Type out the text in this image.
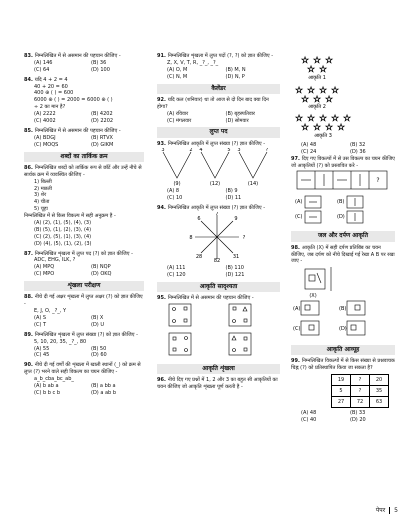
83. निम्नलिखित में से असमान की पहचान कीजिए -
(A) 146	(B) 36
(C) 64	(D) 100
84. यदि 4 + 2 = 4
40 + 20 = 60
400 ⊕ ( ) = 600
6000 ⊕ ( ) = 2000 = 6000 ⊕ ( )
÷ 2 का मान है?
(A) 2222	(B) 4202
(C) 4002	(D) 2202
85. निम्नलिखित में से असमान की पहचान कीजिए -
(A) BDGJ	(B) RTVX
(C) MOQS	(D) GIKM
शब्दों का तार्किक क्रम
86. निम्नलिखित शब्दों को तार्किक रूप से छाँटें और उन्हें नीचे से सार्थक क्रम में व्यवस्थित कीजिए -
1) बिल्ली
2) मछली
3) शेर
4) चीता
5) चूहा
निम्नलिखित में से किस विकल्प में सही अनुक्रम है -
(A) (2), (1), (5), (4), (3)
(B) (5), (1), (2), (3), (4)
(C) (2), (5), (1), (3), (4)
(D) (4), (5), (1), (2), (3)
87. निम्नलिखित शृंखला में लुप्त पद (?) को ज्ञात कीजिए -
ADC, EHG, ILK, ?
(A) MPQ	(B) NQP
(C) MPO	(D) OKQ
शृंखला परीक्षण
88. नीचे दी गई अक्षर शृंखला में लुप्त अक्षर (?) को ज्ञात कीजिए -
E, J, O, _?_, Y
(A) S	(B) X
(C) T	(D) U
89. निम्नलिखित शृंखला में लुप्त संख्या (?) को ज्ञात कीजिए -
5, 10, 20, 35, _?_, 80
(A) 55	(B) 50
(C) 45	(D) 60
90. नीचे दी गई वर्णों की शृंखला में खाली स्थानों (_) को क्रम से लुप्त (?) भरने वाले सही विकल्प का चयन कीजिए -
a_b_cba_bc_ab_
(A) b ab a	(B) a bb a
(C) b b c b	(D) a ab b
91. निम्नलिखित शृंखला में लुप्त पदों (?, ?) को ज्ञात कीजिए -
Z, X, V, T, R, _?_, _?_
(A) O, M	(B) M, N
(C) N, M	(D) N, P
कैलेंडर
92. यदि कल (शनिवार) था तो आज से दो दिन बाद क्या दिन होगा?
(A) रविवार	(B) बृहस्पतिवार
(C) मंगलवार	(D) सोमवार
लुप्त पद
93. निम्नलिखित आकृति में लुप्त संख्या (?) ज्ञात कीजिए -
3	2 4	5 3	?
(9)	(12)	(14)
(A) 8	(B) 9
(C) 10	(D) 11
94. निम्नलिखित आकृति में लुप्त संख्या (?) ज्ञात कीजिए -
6
7
9
8	?
28	31
82
(A) 111	(B) 110
(C) 120	(D) 121
आकृति सादृश्यता
95. निम्नलिखित में से असमान की पहचान कीजिए -
आकृति शृंखला
96. नीचे दिए गए प्रश्नों में 1, 2 और 3 का बहुत सी आकृतियों का चयन कीजिए जो आकृति शृंखला पूर्ण करती है -
☆ ☆ ☆
☆ ☆
☆ ☆ ☆ ☆
☆ ☆ ☆
☆ ☆ ☆ ☆ ☆
☆ ☆ ☆ ☆
आकृति 1
आकृति 2
आकृति 3
(A) 48	(B) 32
(C) 24	(D) 36
97. दिए गए विकल्पों में से उस विकल्प का चयन कीजिए जो आकृतियों (?) को प्रस्तावित करे -
?
(A)	(B)
(C)	(D)
जल और दर्पण आकृति
98. आकृति (X) में सही दर्पण प्रतिबिंब का चयन कीजिए, जब दर्पण को नीचे दिखाई गई रेखा A B पर रखा जाए -
(X)
(A)	(B)
(C)	(D)
आकृति आव्यूह
99. निम्नलिखित विकल्पों में से किस संख्या से प्रश्नवाचक चिह्न (?) को प्रतिस्थापित किया जा सकता है?
19	?	20
5	?	35
27	72	63
(A) 48	(B) 33
(C) 40	(D) 20
पेपर 5
